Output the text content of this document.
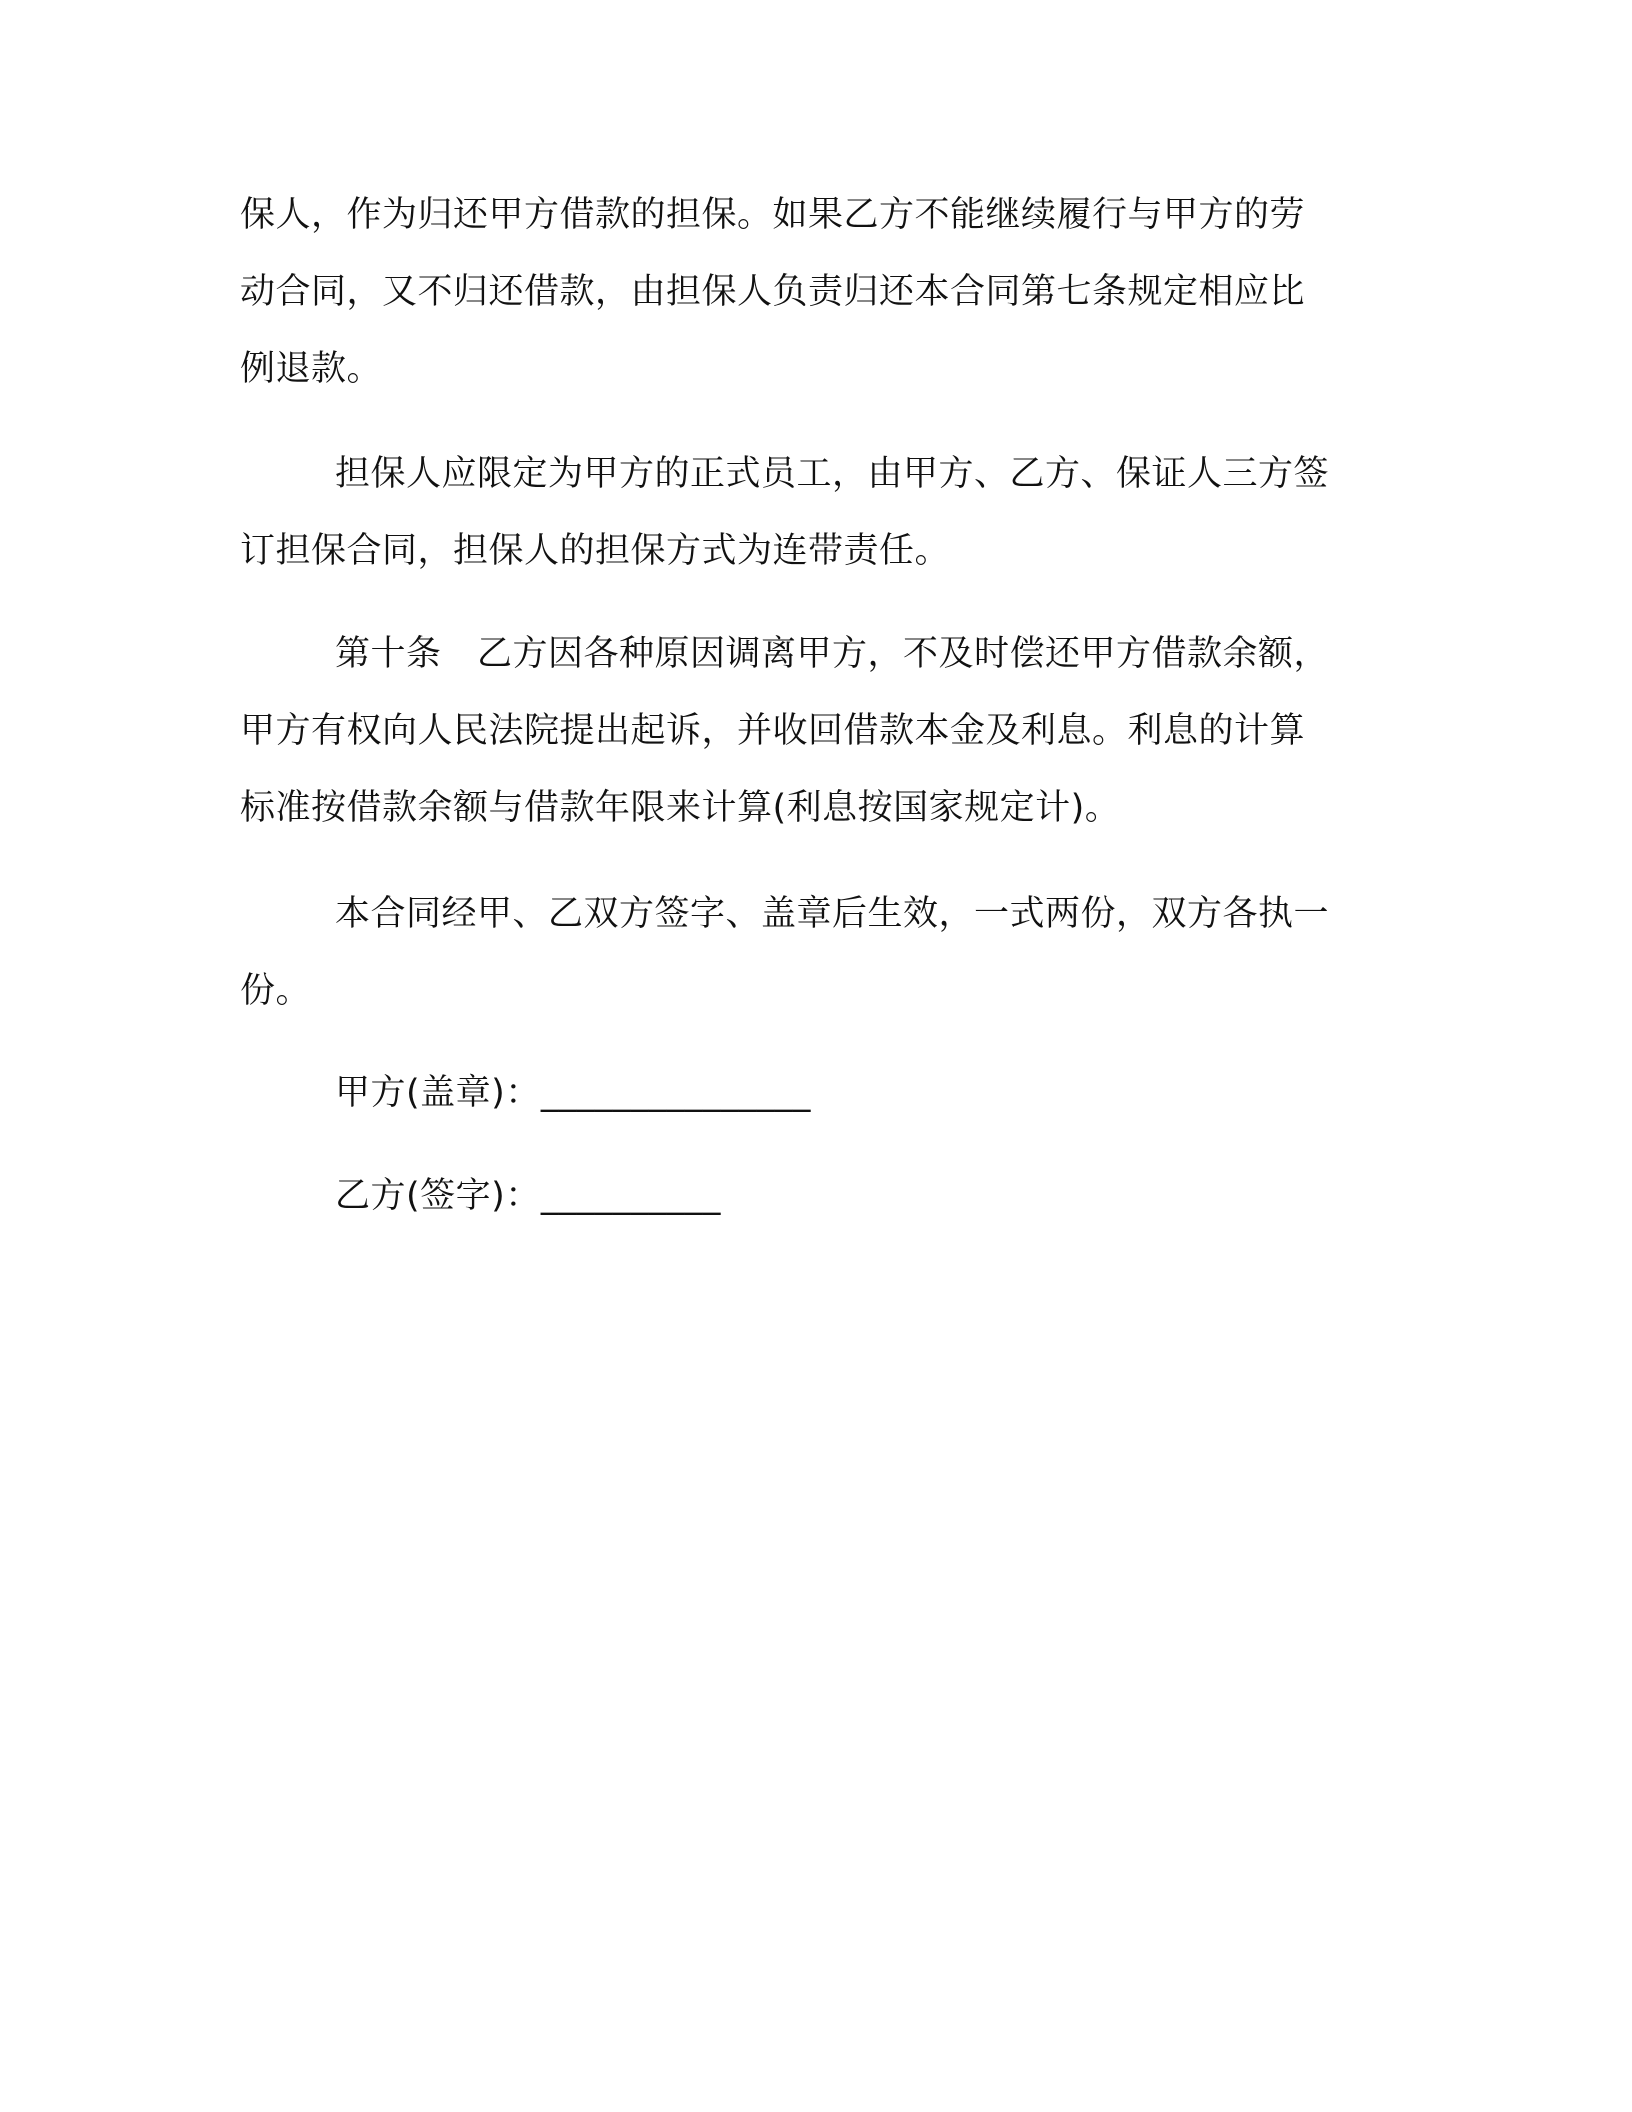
保人，作为归还甲方借款的担保。如果乙方不能继续履行与甲方的劳
动合同，又不归还借款，由担保人负责归还本合同第七条规定相应比
例退款。
担保人应限定为甲方的正式员工，由甲方、乙方、保证人三方签
订担保合同，担保人的担保方式为连带责任。
第十条　乙方因各种原因调离甲方，不及时偿还甲方借款余额，
甲方有权向人民法院提出起诉，并收回借款本金及利息。利息的计算
标准按借款余额与借款年限来计算(利息按国家规定计)。
本合同经甲、乙双方签字、盖章后生效，一式两份，双方各执一
份。
甲方(盖章)：_______________
乙方(签字)：__________
